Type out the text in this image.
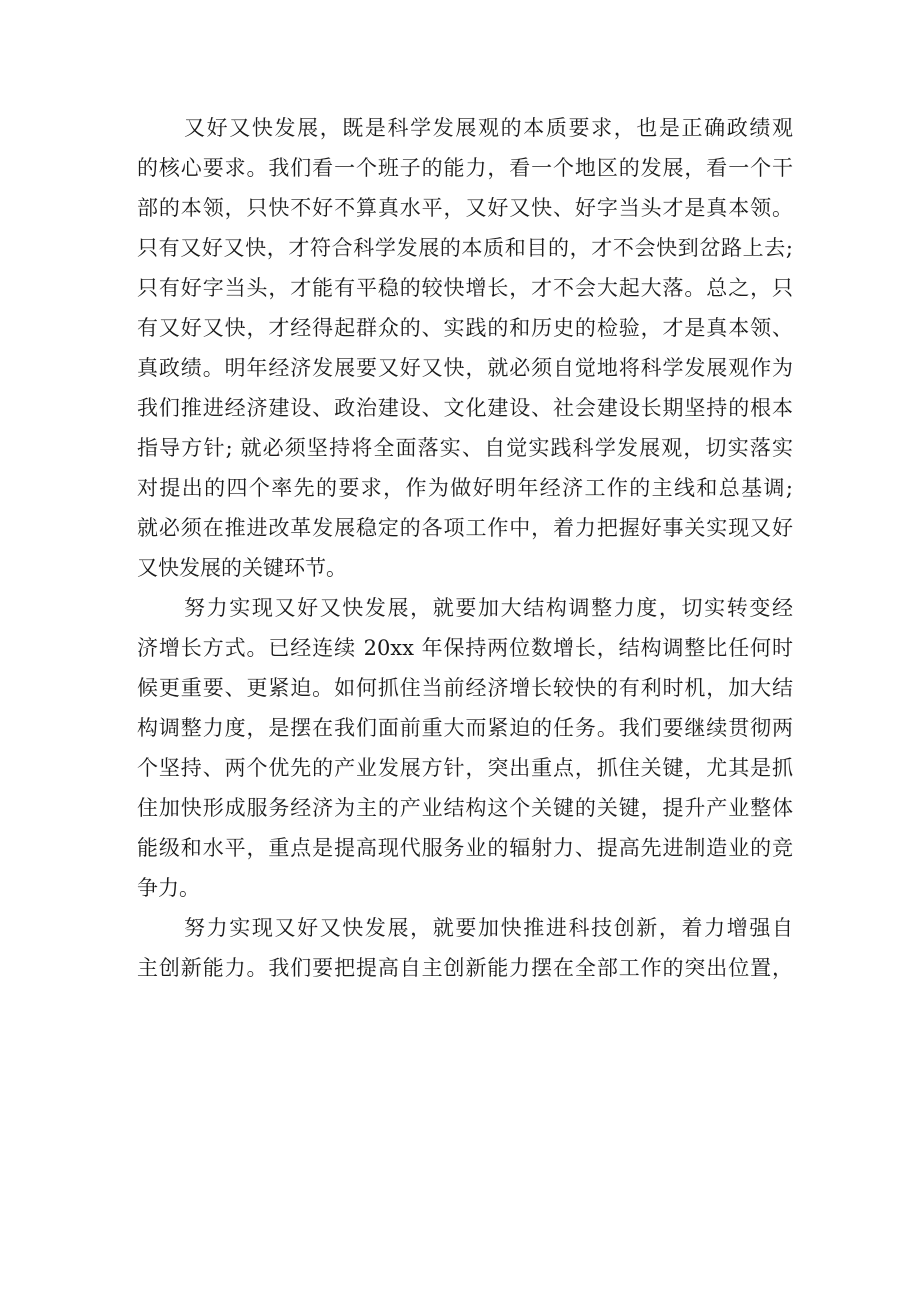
又好又快发展，既是科学发展观的本质要求，也是正确政绩观
的核心要求。我们看一个班子的能力，看一个地区的发展，看一个干
部的本领，只快不好不算真水平，又好又快、好字当头才是真本领。
只有又好又快，才符合科学发展的本质和目的，才不会快到岔路上去;
只有好字当头，才能有平稳的较快增长，才不会大起大落。总之，只
有又好又快，才经得起群众的、实践的和历史的检验，才是真本领、
真政绩。明年经济发展要又好又快，就必须自觉地将科学发展观作为
我们推进经济建设、政治建设、文化建设、社会建设长期坚持的根本
指导方针; 就必须坚持将全面落实、自觉实践科学发展观，切实落实
对提出的四个率先的要求，作为做好明年经济工作的主线和总基调;
就必须在推进改革发展稳定的各项工作中，着力把握好事关实现又好
又快发展的关键环节。

努力实现又好又快发展，就要加大结构调整力度，切实转变经
济增长方式。已经连续 20xx 年保持两位数增长，结构调整比任何时
候更重要、更紧迫。如何抓住当前经济增长较快的有利时机，加大结
构调整力度，是摆在我们面前重大而紧迫的任务。我们要继续贯彻两
个坚持、两个优先的产业发展方针，突出重点，抓住关键，尤其是抓
住加快形成服务经济为主的产业结构这个关键的关键，提升产业整体
能级和水平，重点是提高现代服务业的辐射力、提高先进制造业的竞
争力。

努力实现又好又快发展，就要加快推进科技创新，着力增强自
主创新能力。我们要把提高自主创新能力摆在全部工作的突出位置，
